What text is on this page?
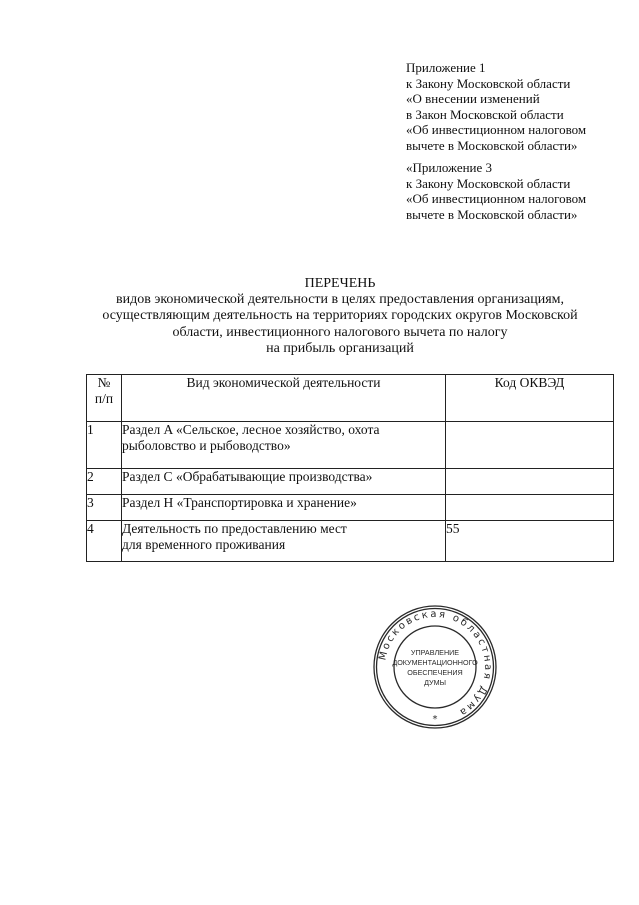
Приложение 1
к Закону Московской области
«О внесении изменений
в Закон Московской области
«Об инвестиционном налоговом
вычете в Московской области»
«Приложение 3
к Закону Московской области
«Об инвестиционном налоговом
вычете в Московской области»
ПЕРЕЧЕНЬ
видов экономической деятельности в целях предоставления организациям,
осуществляющим деятельность на территориях городских округов Московской
области, инвестиционного налогового вычета по налогу
на прибыль организаций
№
п/п	Вид экономической деятельности	Код ОКВЭД
1	Раздел A «Сельское, лесное хозяйство, охота
рыболовство и рыбоводство»	

2	Раздел C «Обрабатывающие производства»	

3	Раздел H «Транспортировка и хранение»	

4	Деятельность по предоставлению мест
для временного проживания	55
Московская областная Дума
УПРАВЛЕНИЕ
ДОКУМЕНТАЦИОННОГО
ОБЕСПЕЧЕНИЯ
ДУМЫ
*
